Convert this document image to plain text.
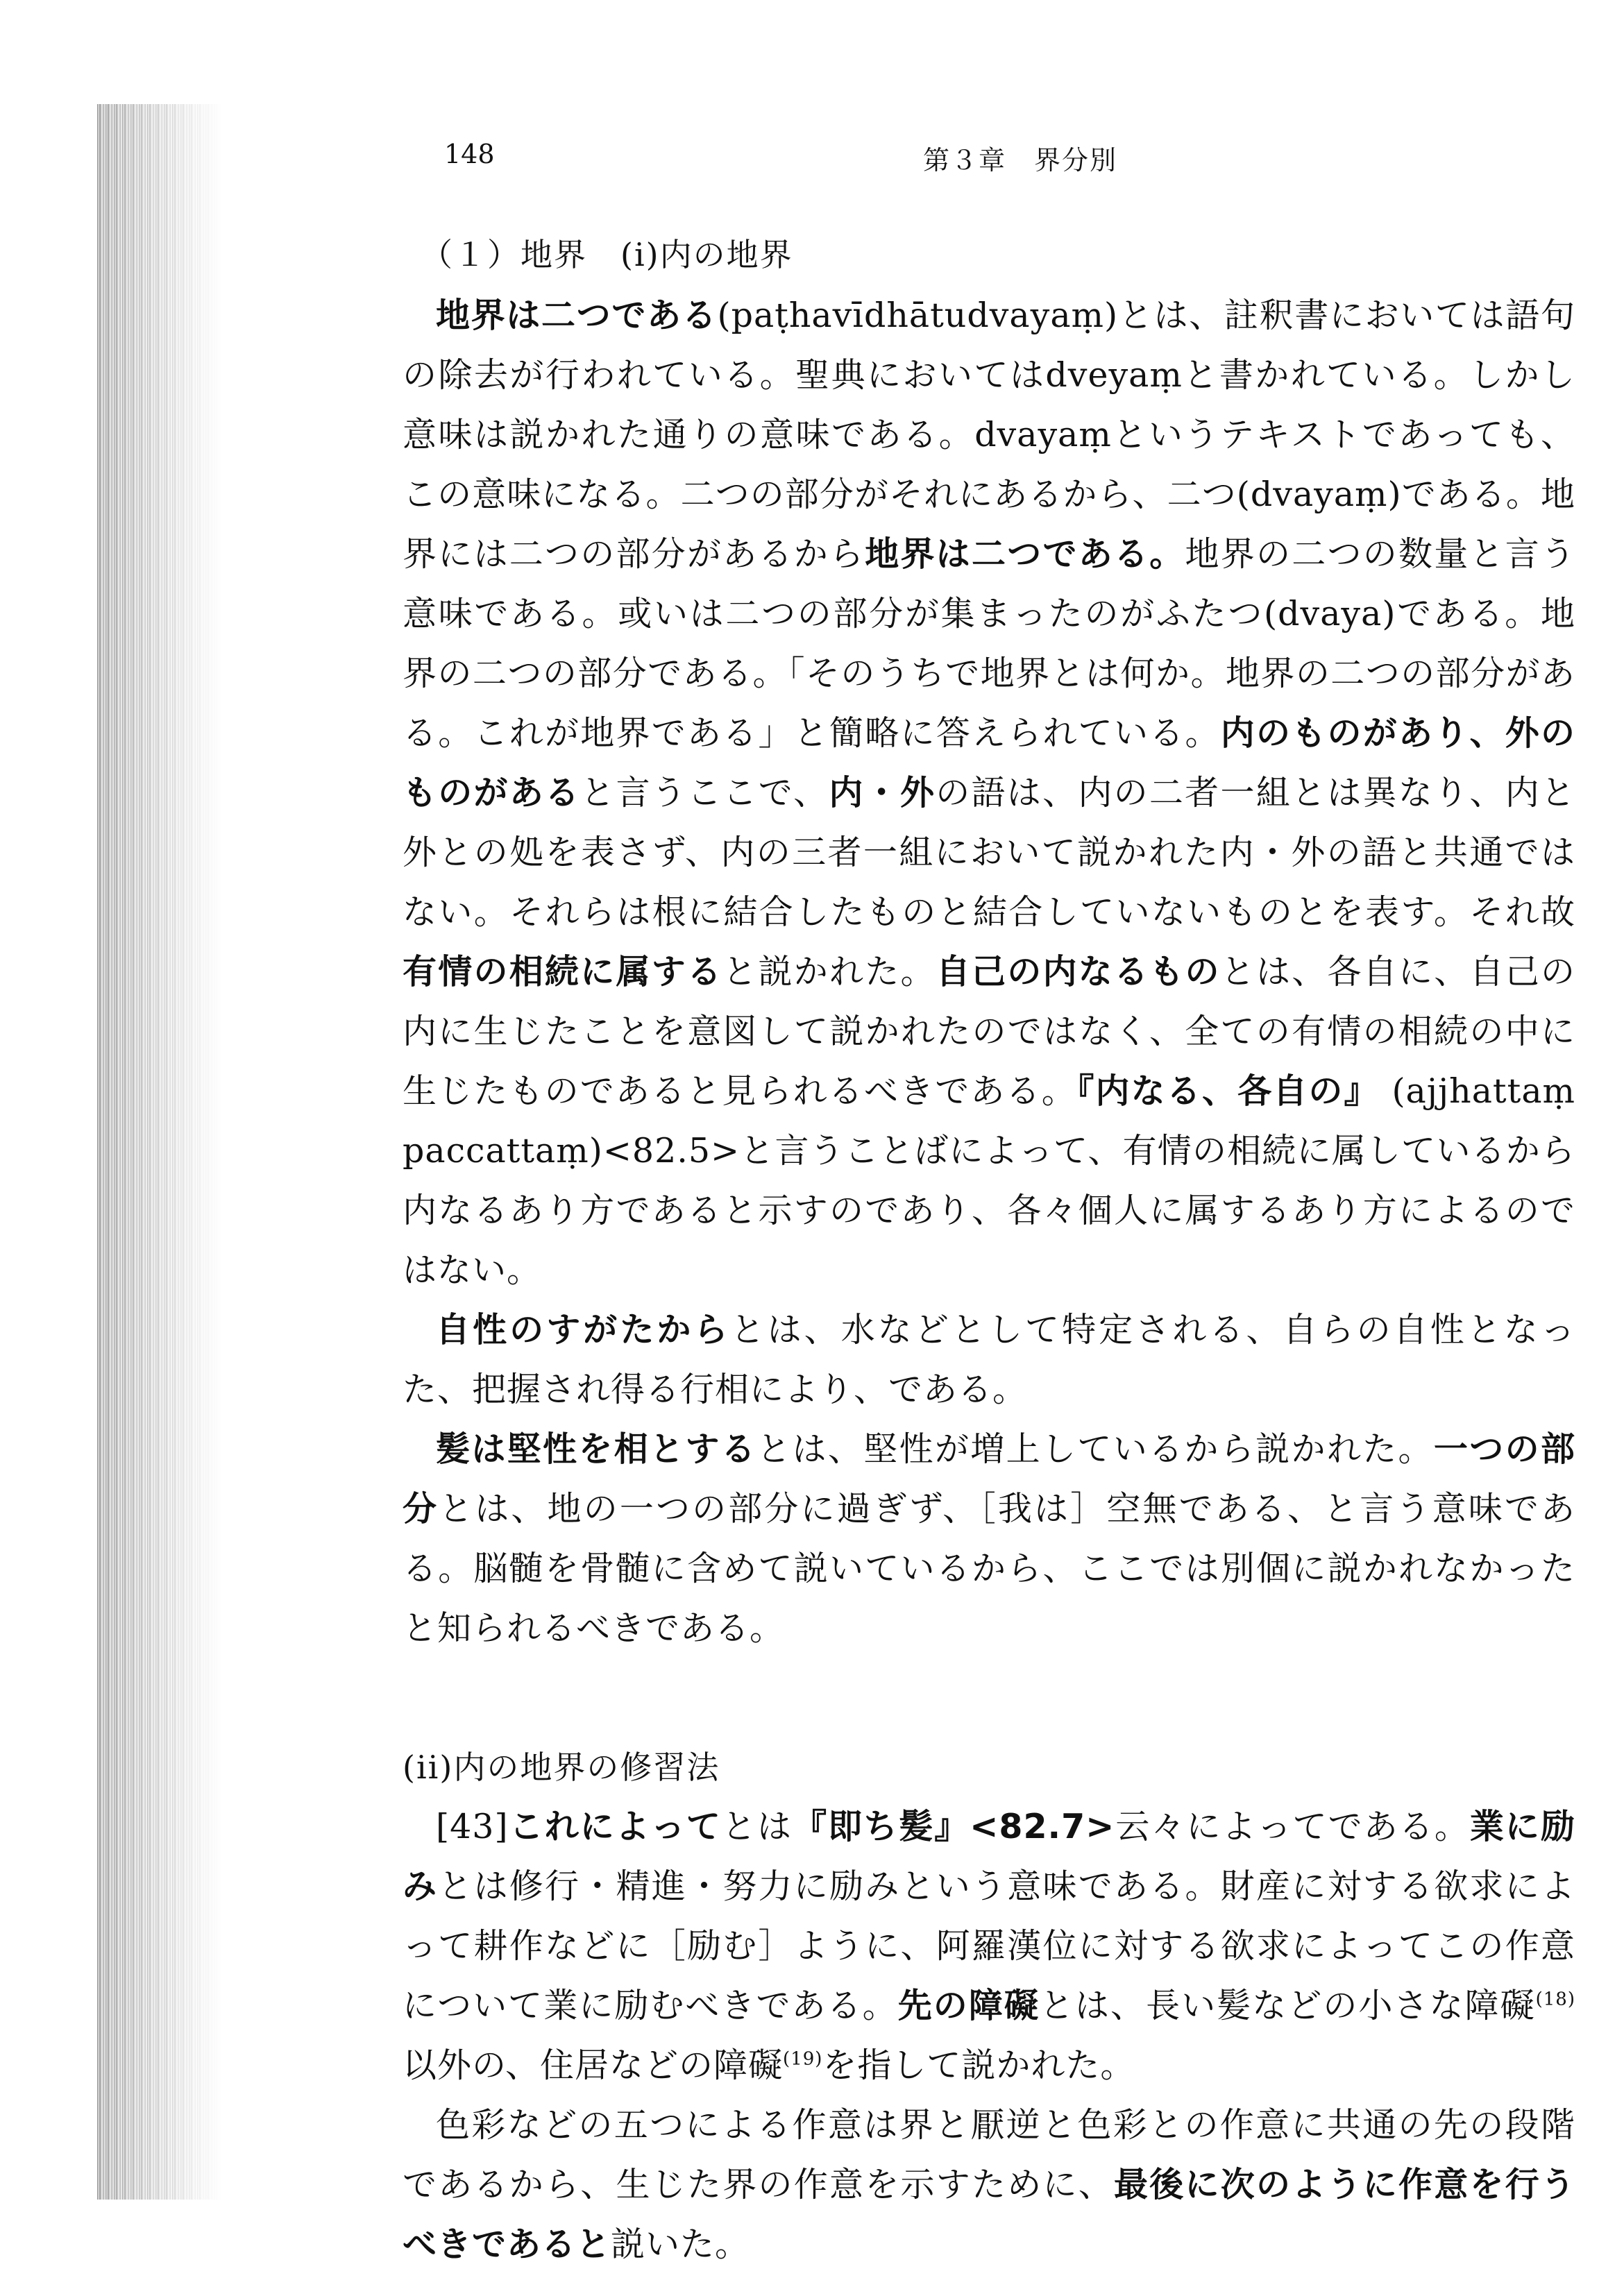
148	第３章　界分別
（１）地界　(i)内の地界

地界は二つである(paṭhavīdhātudvayaṃ)とは、註釈書においては語句の除去が行われている。聖典においてはdveyaṃと書かれている。しかし意味は説かれた通りの意味である。dvayaṃというテキストであっても、この意味になる。二つの部分がそれにあるから、二つ(dvayaṃ)である。地界には二つの部分があるから地界は二つである。地界の二つの数量と言う意味である。或いは二つの部分が集まったのがふたつ(dvaya)である。地界の二つの部分である。「そのうちで地界とは何か。地界の二つの部分がある。これが地界である」と簡略に答えられている。内のものがあり、外のものがあると言うここで、内・外の語は、内の二者一組とは異なり、内と外との処を表さず、内の三者一組において説かれた内・外の語と共通ではない。それらは根に結合したものと結合していないものとを表す。それ故有情の相続に属すると説かれた。自己の内なるものとは、各自に、自己の内に生じたことを意図して説かれたのではなく、全ての有情の相続の中に生じたものであると見られるべきである。『内なる、各自の』 (ajjhattaṃ paccattaṃ)<82.5>と言うことばによって、有情の相続に属しているから内なるあり方であると示すのであり、各々個人に属するあり方によるのではない。

自性のすがたからとは、水などとして特定される、自らの自性となった、把握され得る行相により、である。

髪は堅性を相とするとは、堅性が増上しているから説かれた。一つの部分とは、地の一つの部分に過ぎず、［我は］空無である、と言う意味である。脳髄を骨髄に含めて説いているから、ここでは別個に説かれなかったと知られるべきである。

(ii)内の地界の修習法

[43]これによってとは『即ち髪』<82.7>云々によってである。業に励みとは修行・精進・努力に励みという意味である。財産に対する欲求によって耕作などに［励む］ように、阿羅漢位に対する欲求によってこの作意について業に励むべきである。先の障礙とは、長い髪などの小さな障礙$^{(18)}$以外の、住居などの障礙$^{(19)}$を指して説かれた。

色彩などの五つによる作意は界と厭逆と色彩との作意に共通の先の段階であるから、生じた界の作意を示すために、最後に次のように作意を行うべきであると説いた。
